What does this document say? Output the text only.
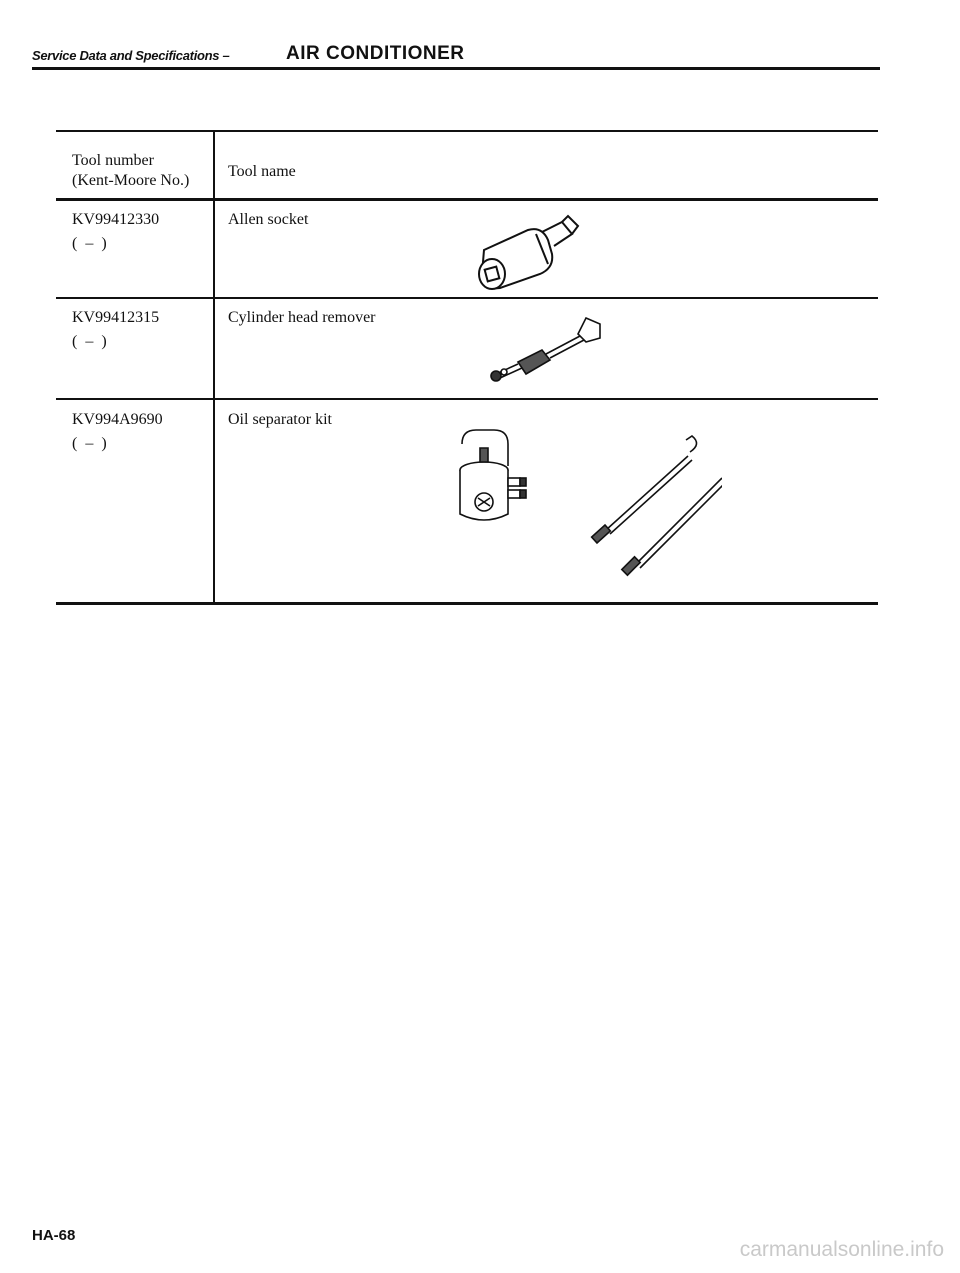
Service Data and Specifications –	AIR CONDITIONER
Tool number
(Kent-Moore No.)
Tool name
KV99412330
(  –  )
Allen socket
KV99412315
(  –  )
Cylinder head remover
KV994A9690
(  –  )
Oil separator kit
HA-68
carmanualsonline.info
